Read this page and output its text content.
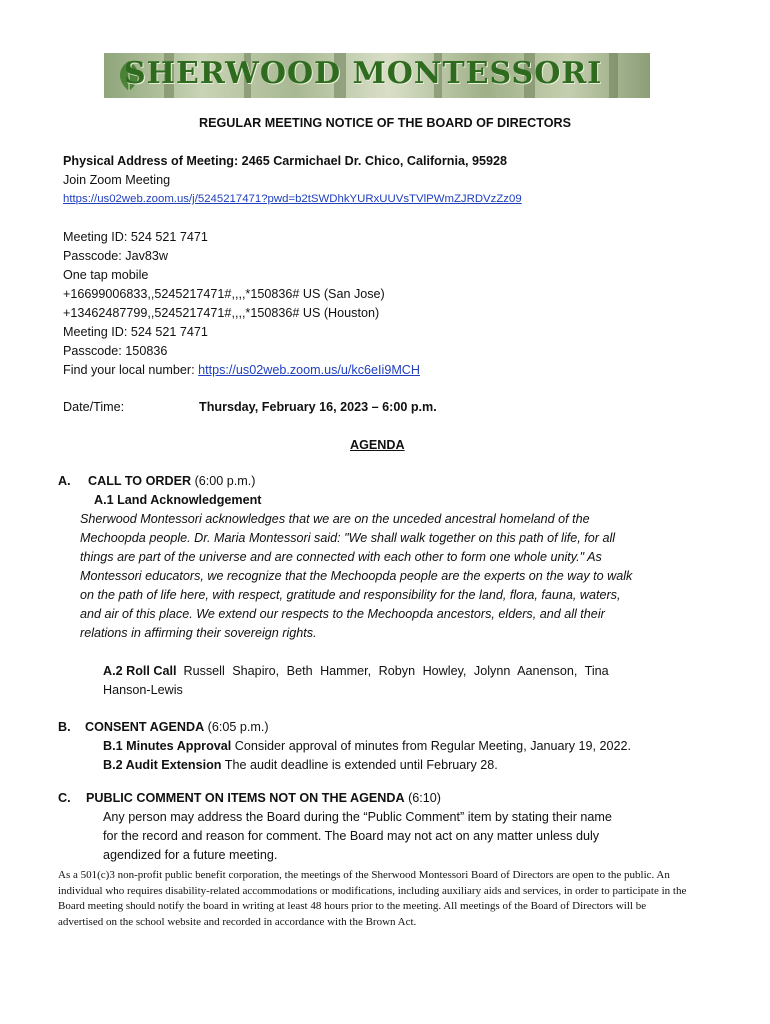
SHERWOOD MONTESSORI
REGULAR MEETING NOTICE OF THE BOARD OF DIRECTORS
Physical Address of Meeting: 2465 Carmichael Dr. Chico, California, 95928
Join Zoom Meeting
https://us02web.zoom.us/j/5245217471?pwd=b2tSWDhkYURxUUVsTVlPWmZJRDVzZz09
Meeting ID: 524 521 7471
Passcode: Jav83w
One tap mobile
+16699006833,,5245217471#,,,,*150836# US (San Jose)
+13462487799,,5245217471#,,,,*150836# US (Houston)
Meeting ID: 524 521 7471
Passcode: 150836
Find your local number: https://us02web.zoom.us/u/kc6eIi9MCH
Date/Time:	Thursday, February 16, 2023 – 6:00 p.m.
AGENDA
A. CALL TO ORDER (6:00 p.m.)
A.1 Land Acknowledgement
Sherwood Montessori acknowledges that we are on the unceded ancestral homeland of the
Mechoopda people. Dr. Maria Montessori said: "We shall walk together on this path of life, for all
things are part of the universe and are connected with each other to form one whole unity." As
Montessori educators, we recognize that the Mechoopda people are the experts on the way to walk
on the path of life here, with respect, gratitude and responsibility for the land, flora, fauna, waters,
and air of this place. We extend our respects to the Mechoopda ancestors, elders, and all their
relations in affirming their sovereign rights.
A.2 Roll Call Russell Shapiro, Beth Hammer, Robyn Howley, Jolynn Aanenson, Tina
Hanson-Lewis
B. CONSENT AGENDA (6:05 p.m.)
B.1 Minutes Approval Consider approval of minutes from Regular Meeting, January 19, 2022.
B.2 Audit Extension The audit deadline is extended until February 28.
C. PUBLIC COMMENT ON ITEMS NOT ON THE AGENDA (6:10)
Any person may address the Board during the “Public Comment” item by stating their name
for the record and reason for comment. The Board may not act on any matter unless duly
agendized for a future meeting.
As a 501(c)3 non-profit public benefit corporation, the meetings of the Sherwood Montessori Board of Directors are open to the public. An individual who requires disability-related accommodations or modifications, including auxiliary aids and services, in order to participate in the Board meeting should notify the board in writing at least 48 hours prior to the meeting. All meetings of the Board of Directors will be advertised on the school website and recorded in accordance with the Brown Act.
